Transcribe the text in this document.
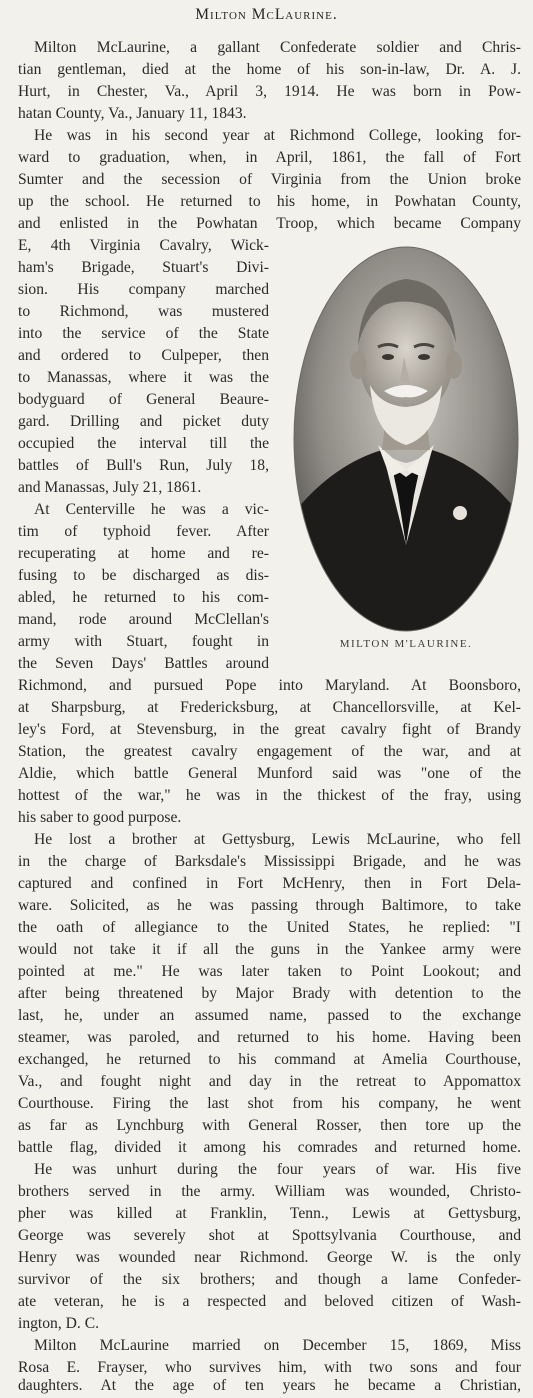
Milton McLaurine.
MILTON M'LAURINE.
Milton McLaurine, a gallant Confederate soldier and Chris-
tian gentleman, died at the home of his son-in-law, Dr. A. J.
Hurt, in Chester, Va., April 3, 1914. He was born in Pow-
hatan County, Va., January 11, 1843.
He was in his second year at Richmond College, looking for-
ward to graduation, when, in April, 1861, the fall of Fort
Sumter and the secession of Virginia from the Union broke
up the school. He returned to his home, in Powhatan County,
and enlisted in the Powhatan Troop, which became Company
E, 4th Virginia Cavalry, Wick-
ham's Brigade, Stuart's Divi-
sion. His company marched
to Richmond, was mustered
into the service of the State
and ordered to Culpeper, then
to Manassas, where it was the
bodyguard of General Beaure-
gard. Drilling and picket duty
occupied the interval till the
battles of Bull's Run, July 18,
and Manassas, July 21, 1861.
At Centerville he was a vic-
tim of typhoid fever. After
recuperating at home and re-
fusing to be discharged as dis-
abled, he returned to his com-
mand, rode around McClellan's
army with Stuart, fought in
the Seven Days' Battles around
Richmond, and pursued Pope into Maryland. At Boonsboro,
at Sharpsburg, at Fredericksburg, at Chancellorsville, at Kel-
ley's Ford, at Stevensburg, in the great cavalry fight of Brandy
Station, the greatest cavalry engagement of the war, and at
Aldie, which battle General Munford said was "one of the
hottest of the war," he was in the thickest of the fray, using
his saber to good purpose.
He lost a brother at Gettysburg, Lewis McLaurine, who fell
in the charge of Barksdale's Mississippi Brigade, and he was
captured and confined in Fort McHenry, then in Fort Dela-
ware. Solicited, as he was passing through Baltimore, to take
the oath of allegiance to the United States, he replied: "I
would not take it if all the guns in the Yankee army were
pointed at me." He was later taken to Point Lookout; and
after being threatened by Major Brady with detention to the
last, he, under an assumed name, passed to the exchange
steamer, was paroled, and returned to his home. Having been
exchanged, he returned to his command at Amelia Courthouse,
Va., and fought night and day in the retreat to Appomattox
Courthouse. Firing the last shot from his company, he went
as far as Lynchburg with General Rosser, then tore up the
battle flag, divided it among his comrades and returned home.
He was unhurt during the four years of war. His five
brothers served in the army. William was wounded, Christo-
pher was killed at Franklin, Tenn., Lewis at Gettysburg,
George was severely shot at Spottsylvania Courthouse, and
Henry was wounded near Richmond. George W. is the only
survivor of the six brothers; and though a lame Confeder-
ate veteran, he is a respected and beloved citizen of Wash-
ington, D. C.
Milton McLaurine married on December 15, 1869, Miss
Rosa E. Frayser, who survives him, with two sons and four
daughters. At the age of ten years he became a Christian,
